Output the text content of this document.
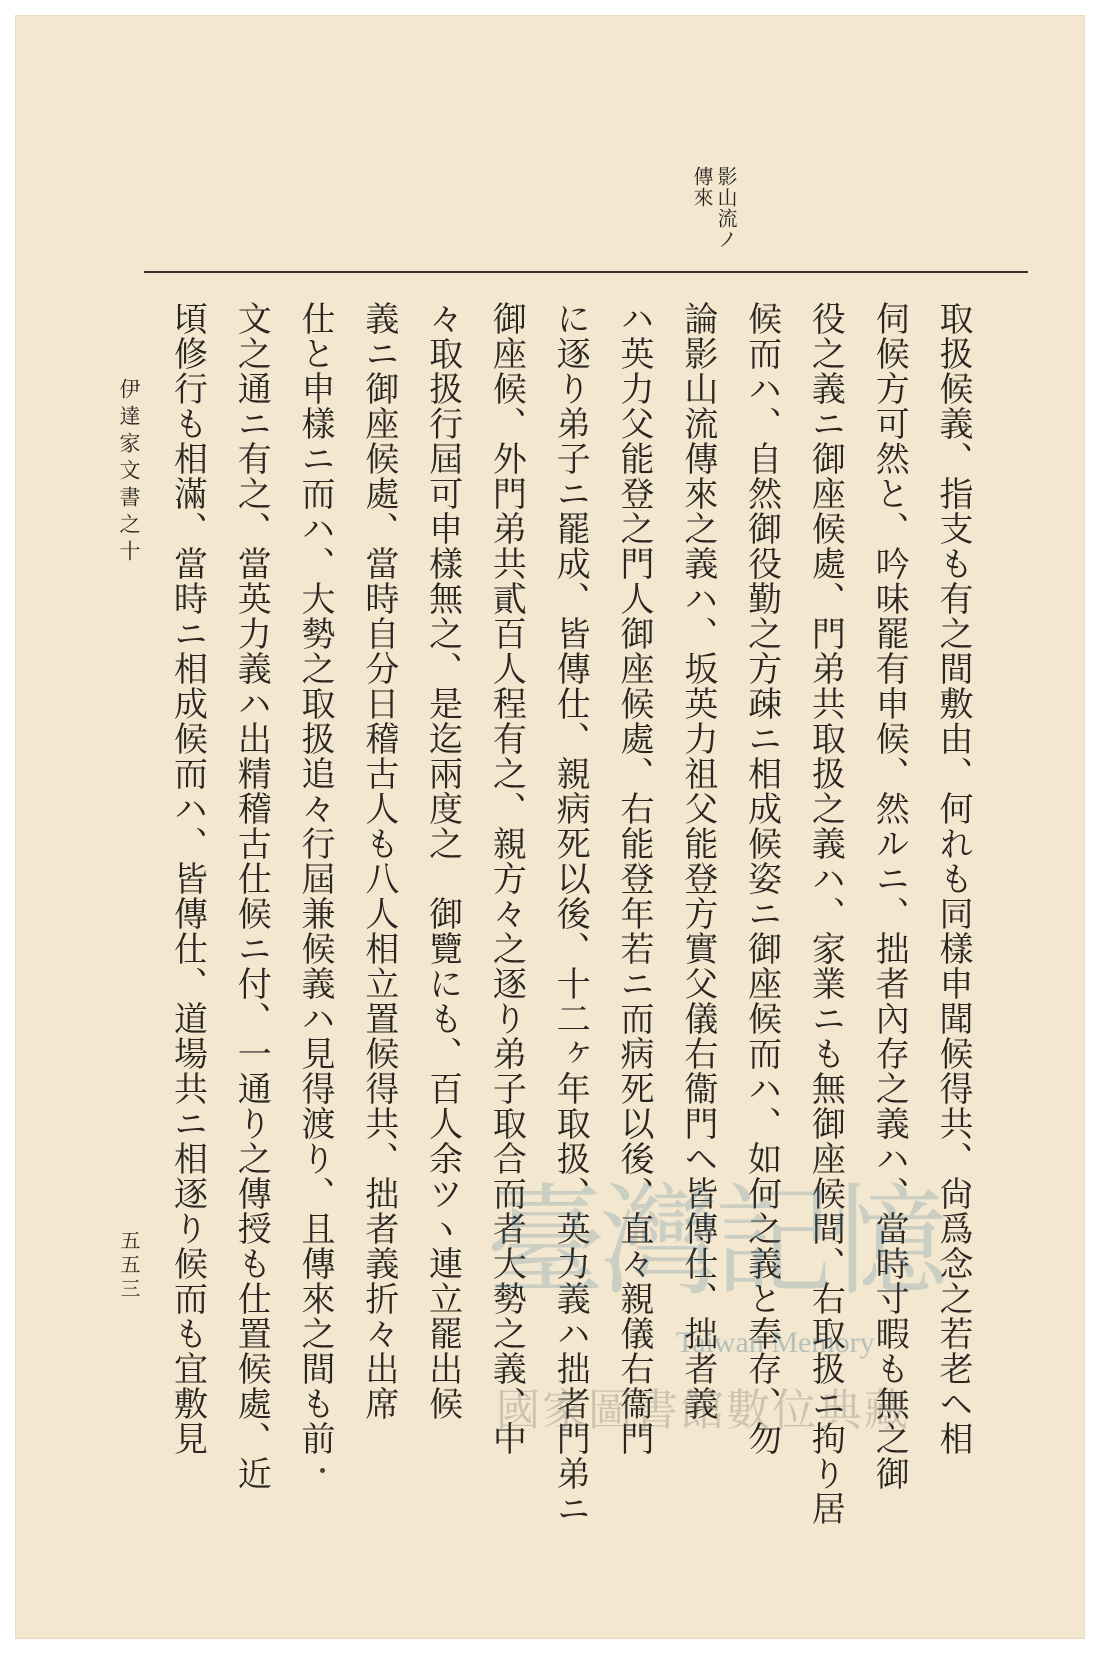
影山流ノ傳來
取扱候義、指支も有之間敷由、何れも同樣申聞候得共、尙爲念之若老ヘ相
伺候方可然と、吟味罷有申候、然ルニ、拙者內存之義ハ、當時寸暇も無之御
役之義ニ御座候處、門弟共取扱之義ハ、家業ニも無御座候間、右取扱ニ拘り居
候而ハ、自然御役勤之方疎ニ相成候姿ニ御座候而ハ、如何之義と奉存、勿
論影山流傳來之義ハ、坂英力祖父能登方實父儀右衞門ヘ皆傳仕、拙者義
ハ英力父能登之門人御座候處、右能登年若ニ而病死以後、直々親儀右衞門
に逐り弟子ニ罷成、皆傳仕、親病死以後、十二ヶ年取扱、英力義ハ拙者門弟ニ
御座候、外門弟共貳百人程有之、親方々之逐り弟子取合而者大勢之義、中
々取扱行屆可申樣無之、是迄兩度之　御覽にも、百人余ツヽ連立罷出候
義ニ御座候處、當時自分日稽古人も八人相立置候得共、拙者義折々出席
仕と申樣ニ而ハ、大勢之取扱追々行屆兼候義ハ見得渡り、且傳來之間も前
文之通ニ有之、當英力義ハ出精稽古仕候ニ付、一通り之傳授も仕置候處、近
頃修行も相滿、當時ニ相成候而ハ、皆傳仕、道場共ニ相逐り候而も宜敷見
伊達家文書之十
五五三	臺灣記憶
Taiwan Memory
國家圖書館數位典藏
